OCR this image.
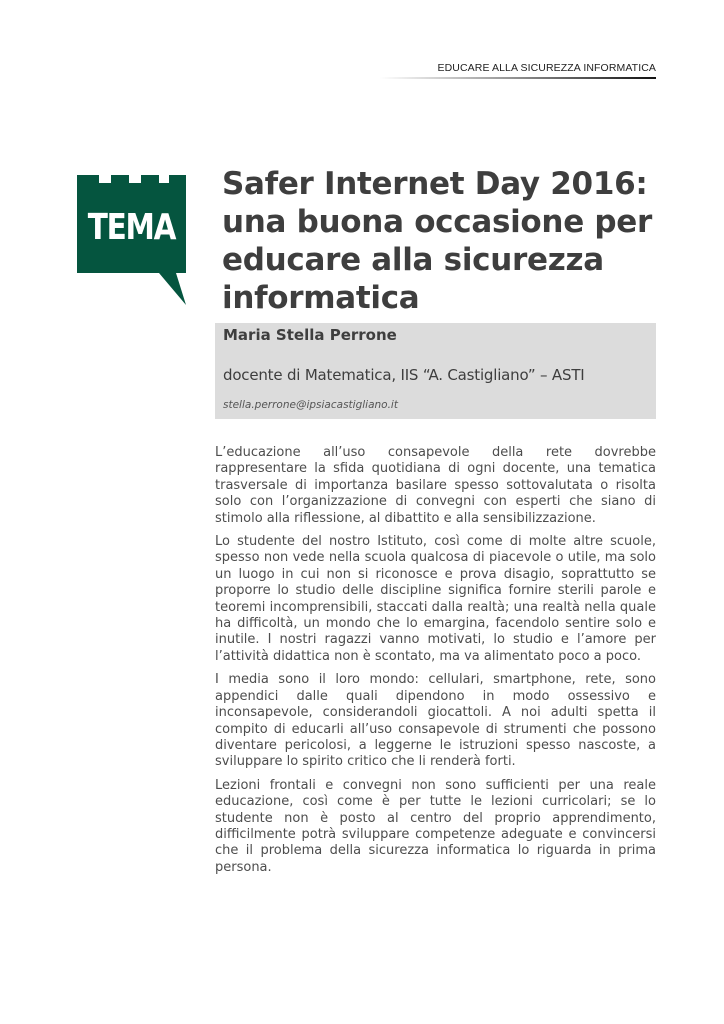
EDUCARE ALLA SICUREZZA INFORMATICA
TEMA
Safer Internet Day 2016: una buona occasione per educare alla sicurezza informatica
Maria Stella Perrone
docente di Matematica, IIS “A. Castigliano” – ASTI
stella.perrone@ipsiacastigliano.it

L’educazione all’uso consapevole della rete dovrebbe rappresentare la sfida quotidiana di ogni docente, una tematica trasversale di importanza basilare spesso sottovalutata o risolta solo con l’organizzazione di convegni con esperti che siano di stimolo alla riflessione, al dibattito e alla sensibilizzazione.

Lo studente del nostro Istituto, così come di molte altre scuole, spesso non vede nella scuola qualcosa di piacevole o utile, ma solo un luogo in cui non si riconosce e prova disagio, soprattutto se proporre lo studio delle discipline significa fornire sterili parole e teoremi incomprensibili, staccati dalla realtà; una realtà nella quale ha difficoltà, un mondo che lo emargina, facendolo sentire solo e inutile. I nostri ragazzi vanno motivati, lo studio e l’amore per l’attività didattica non è scontato, ma va alimentato poco a poco.

I media sono il loro mondo: cellulari, smartphone, rete, sono appendici dalle quali dipendono in modo ossessivo e inconsapevole, considerandoli giocattoli. A noi adulti spetta il compito di educarli all’uso consapevole di strumenti che possono diventare pericolosi, a leggerne le istruzioni spesso nascoste, a sviluppare lo spirito critico che li renderà forti.

Lezioni frontali e convegni non sono sufficienti per una reale educazione, così come è per tutte le lezioni curricolari; se lo studente non è posto al centro del proprio apprendimento, difficilmente potrà sviluppare competenze adeguate e convincersi che il problema della sicurezza informatica lo riguarda in prima persona.
